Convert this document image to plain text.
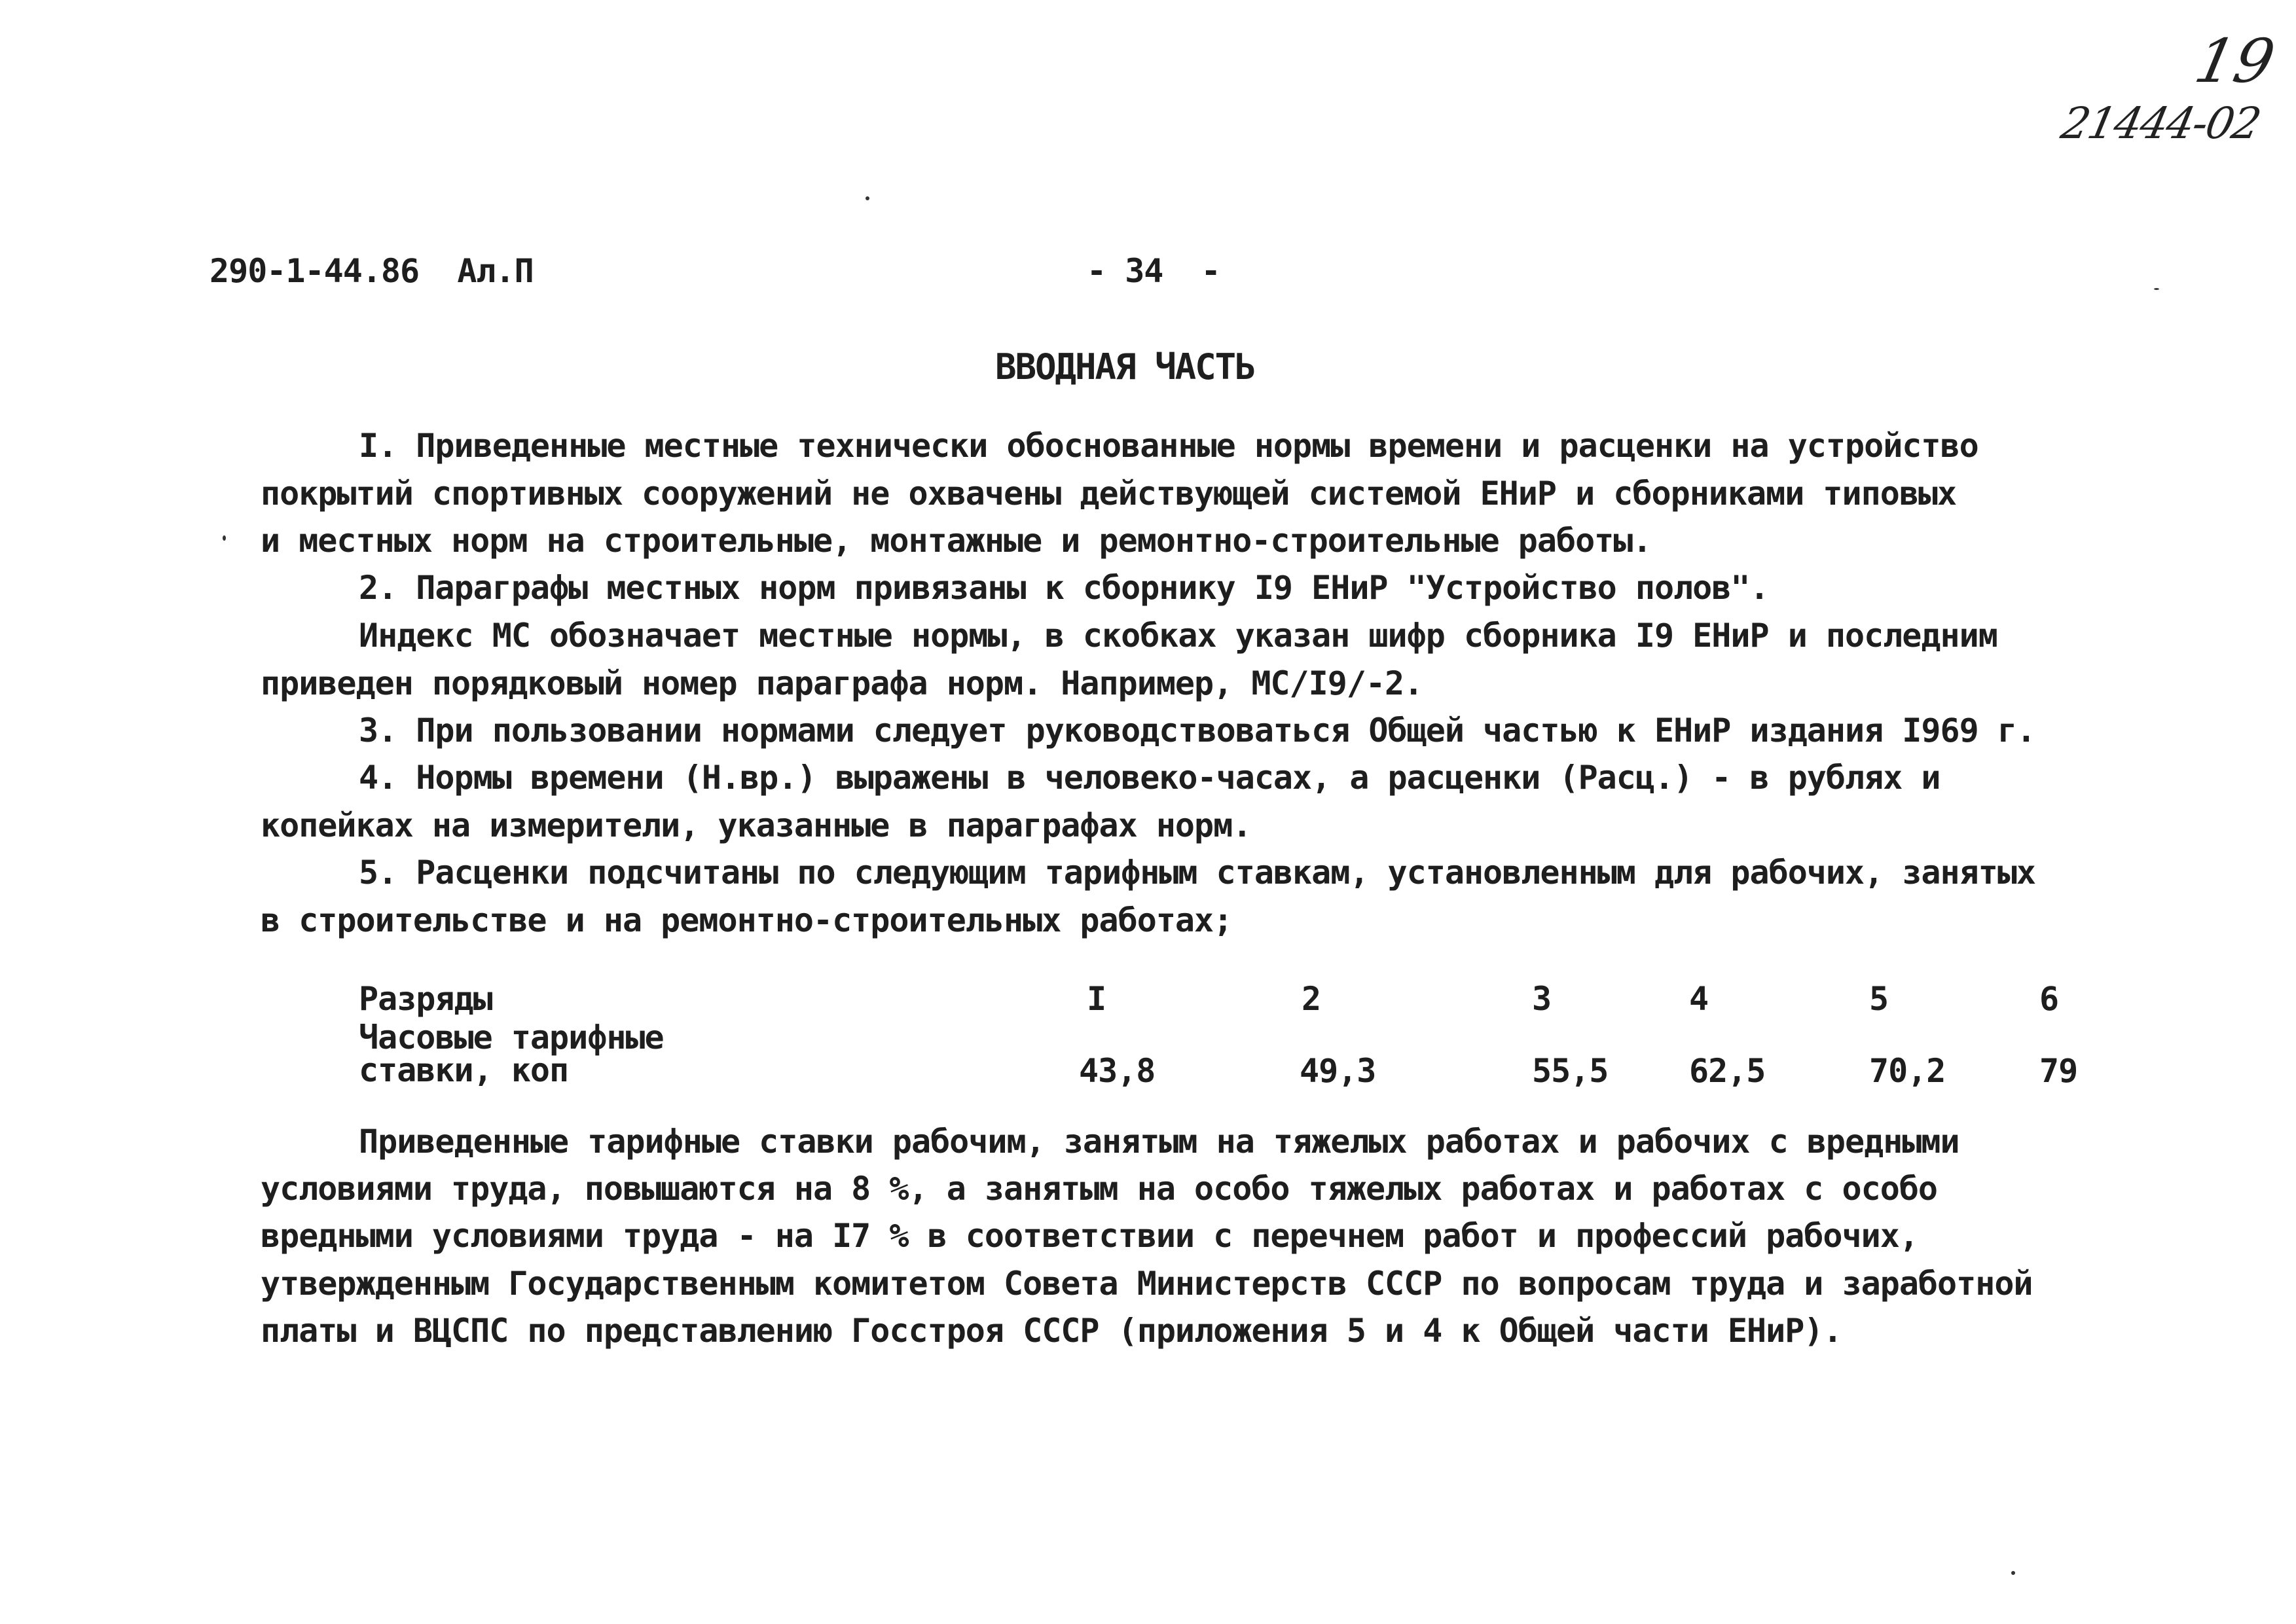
19
21444-02
290-1-44.86  Ал.П	- 34  -
ВВОДНАЯ ЧАСТЬ
I. Приведенные местные технически обоснованные нормы времени и расценки на устройство
покрытий спортивных сооружений не охвачены действующей системой ЕНиР и сборниками типовых
и местных норм на строительные, монтажные и ремонтно-строительные работы.
2. Параграфы местных норм привязаны к сборнику I9 ЕНиР "Устройство полов".
Индекс МС обозначает местные нормы, в скобках указан шифр сборника I9 ЕНиР и последним
приведен порядковый номер параграфа норм. Например, МС/I9/-2.
3. При пользовании нормами следует руководствоваться Общей частью к ЕНиР издания I969 г.
4. Нормы времени (Н.вр.) выражены в человеко-часах, а расценки (Расц.) - в рублях и
копейках на измерители, указанные в параграфах норм.
5. Расценки подсчитаны по следующим тарифным ставкам, установленным для рабочих, занятых
в строительстве и на ремонтно-строительных работах;
Разряды	I	2	3	4	5	6
Часовые тарифные
ставки, коп	43,8	49,3	55,5 62,5	70,2	79
Приведенные тарифные ставки рабочим, занятым на тяжелых работах и рабочих с вредными
условиями труда, повышаются на 8 %, а занятым на особо тяжелых работах и работах с особо
вредными условиями труда - на I7 % в соответствии с перечнем работ и профессий рабочих,
утвержденным Государственным комитетом Совета Министерств СССР по вопросам труда и заработной
платы и ВЦСПС по представлению Госстроя СССР (приложения 5 и 4 к Общей части ЕНиР).
